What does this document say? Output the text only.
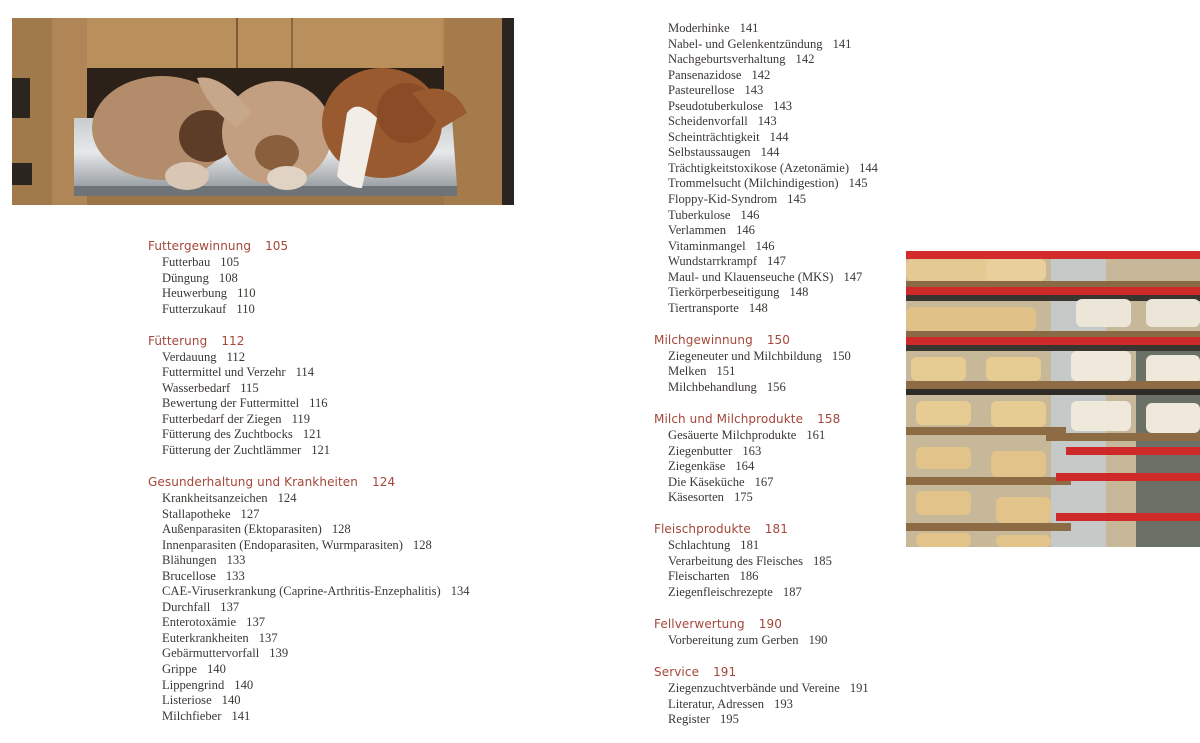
Futtergewinnung 105
Futterbau 105
Düngung 108
Heuwerbung 110
Futterzukauf 110
Fütterung 112
Verdauung 112
Futtermittel und Verzehr 114
Wasserbedarf 115
Bewertung der Futtermittel 116
Futterbedarf der Ziegen 119
Fütterung des Zuchtbocks 121
Fütterung der Zuchtlämmer 121
Gesunderhaltung und Krankheiten 124
Krankheitsanzeichen 124
Stallapotheke 127
Außenparasiten (Ektoparasiten) 128
Innenparasiten (Endoparasiten, Wurmparasiten) 128
Blähungen 133
Brucellose 133
CAE-Viruserkrankung (Caprine-Arthritis-Enzephalitis) 134
Durchfall 137
Enterotoxämie 137
Euterkrankheiten 137
Gebärmuttervorfall 139
Grippe 140
Lippengrind 140
Listeriose 140
Milchfieber 141
Moderhinke 141
Nabel- und Gelenkentzündung 141
Nachgeburtsverhaltung 142
Pansenazidose 142
Pasteurellose 143
Pseudotuberkulose 143
Scheidenvorfall 143
Scheinträchtigkeit 144
Selbstaussaugen 144
Trächtigkeitstoxikose (Azetonämie) 144
Trommelsucht (Milchindigestion) 145
Floppy-Kid-Syndrom 145
Tuberkulose 146
Verlammen 146
Vitaminmangel 146
Wundstarrkrampf 147
Maul- und Klauenseuche (MKS) 147
Tierkörperbeseitigung 148
Tiertransporte 148
Milchgewinnung 150
Ziegeneuter und Milchbildung 150
Melken 151
Milchbehandlung 156
Milch und Milchprodukte 158
Gesäuerte Milchprodukte 161
Ziegenbutter 163
Ziegenkäse 164
Die Käseküche 167
Käsesorten 175
Fleischprodukte 181
Schlachtung 181
Verarbeitung des Fleisches 185
Fleischarten 186
Ziegenfleischrezepte 187
Fellverwertung 190
Vorbereitung zum Gerben 190
Service 191
Ziegenzuchtverbände und Vereine 191
Literatur, Adressen 193
Register 195
